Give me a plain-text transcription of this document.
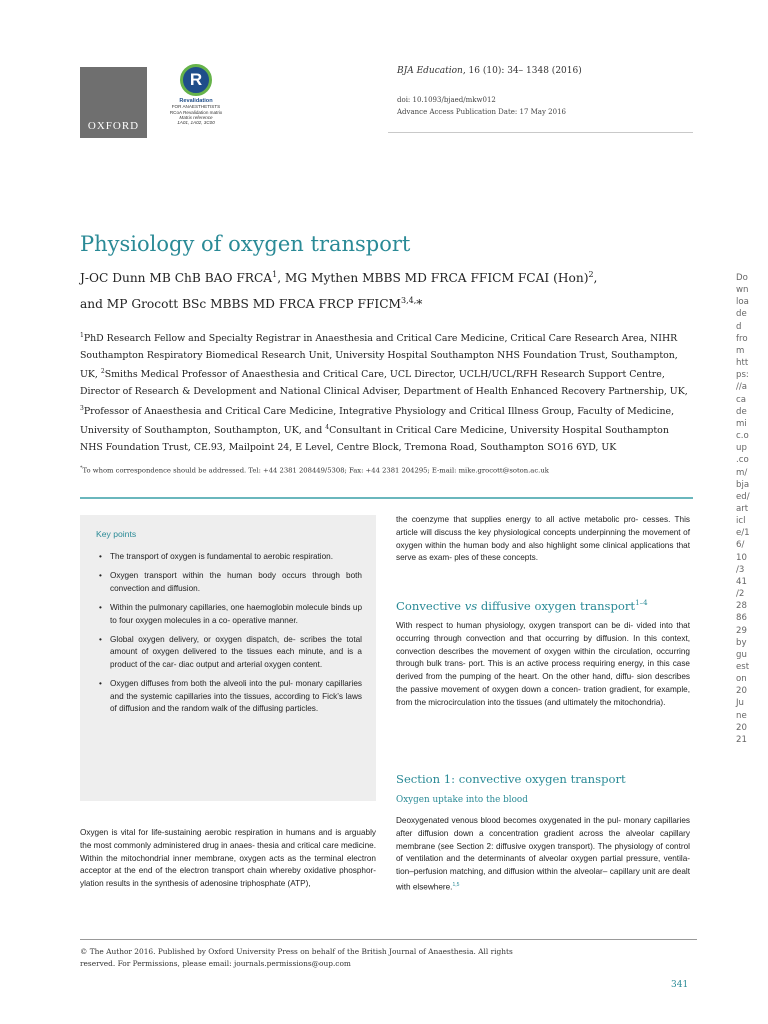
OXFORD
R
Revalidation
FOR ANAESTHETISTS
RCoA Revalidation matrix
Matrix reference
1A01, 1A02, 3C00
BJA Education, 16 (10): 34– 1348 (2016)
doi: 10.1093/bjaed/mkw012
Advance Access Publication Date: 17 May 2016
Physiology of oxygen transport
J-OC Dunn MB ChB BAO FRCA$^1$, MG Mythen MBBS MD FRCA FFICM FCAI (Hon)$^2$,
and MP Grocott BSc MBBS MD FRCA FRCP $FFICM^{3,4,}*$

$^1$PhD Research Fellow and Specialty Registrar in Anaesthesia and Critical Care Medicine, Critical Care Research Area, NIHR Southampton Respiratory Biomedical Research Unit, University Hospital Southampton NHS Foundation Trust, Southampton, UK, $^2$Smiths Medical Professor of Anaesthesia and Critical Care, UCL Director, UCLH/UCL/RFH Research Support Centre, Director of Research & Development and National Clinical Adviser, Department of Health Enhanced Recovery Partnership, UK, $^3$Professor of Anaesthesia and Critical Care Medicine, Integrative Physiology and Critical Illness Group, Faculty of Medicine, University of Southampton, Southampton, UK, and $^4$Consultant in Critical Care Medicine, University Hospital Southampton NHS Foundation Trust, CE.93, Mailpoint 24, E Level, Centre Block, Tremona Road, Southampton SO16 6YD, UK

*To whom correspondence should be addressed. Tel: +44 2381 208449/5308; Fax: +44 2381 204295; E-mail: mike.grocott@soton.ac.uk
Key points
• The transport of oxygen is fundamental to aerobic respiration.
• Oxygen transport within the human body occurs through both convection and diffusion.
• Within the pulmonary capillaries, one haemoglobin molecule binds up to four oxygen molecules in a co- operative manner.
• Global oxygen delivery, or oxygen dispatch, de- scribes the total amount of oxygen delivered to the tissues each minute, and is a product of the car- diac output and arterial oxygen content.
• Oxygen diffuses from both the alveoli into the pul- monary capillaries and the systemic capillaries into the tissues, according to Fick’s laws of diffusion and the random walk of the diffusing particles.

Oxygen is vital for life-sustaining aerobic respiration in humans and is arguably the most commonly administered drug in anaes- thesia and critical care medicine. Within the mitochondrial inner membrane, oxygen acts as the terminal electron acceptor at the end of the electron transport chain whereby oxidative phosphor- ylation results in the synthesis of adenosine triphosphate (ATP),

the coenzyme that supplies energy to all active metabolic pro- cesses. This article will discuss the key physiological concepts underpinning the movement of oxygen within the human body and also highlight some clinical applications that serve as exam- ples of these concepts.

Convective vs diffusive oxygen transport$^{1-4}$

With respect to human physiology, oxygen transport can be di- vided into that occurring through convection and that occurring by diffusion. In this context, convection describes the movement of oxygen within the circulation, occurring through bulk trans- port. This is an active process requiring energy, in this case derived from the pumping of the heart. On the other hand, diffu- sion describes the passive movement of oxygen down a concen- tration gradient, for example, from the microcirculation into the tissues (and ultimately the mitochondria).

Section 1: convective oxygen transport
Oxygen uptake into the blood

Deoxygenated venous blood becomes oxygenated in the pul- monary capillaries after diffusion down a concentration gradient across the alveolar capillary membrane (see Section 2: diffusive oxygen transport). The physiology of control of ventilation and the determinants of alveolar oxygen partial pressure, ventila- tion–perfusion matching, and diffusion within the alveolar– capillary unit are dealt with elsewhere.$^{1,5}$

© The Author 2016. Published by Oxford University Press on behalf of the British Journal of Anaesthesia. All rights
reserved. For Permissions, please email: journals.permissions@oup.com

341
Do
wn
loa
de
d
fro
m
htt
ps:
//a
ca
de
mi
c.o
up
.co
m/
bja
ed/
art
icl
e/1
6/
10
/3
41
/2
28
86
29
by
gu
est
on
20
Ju
ne
20
21
